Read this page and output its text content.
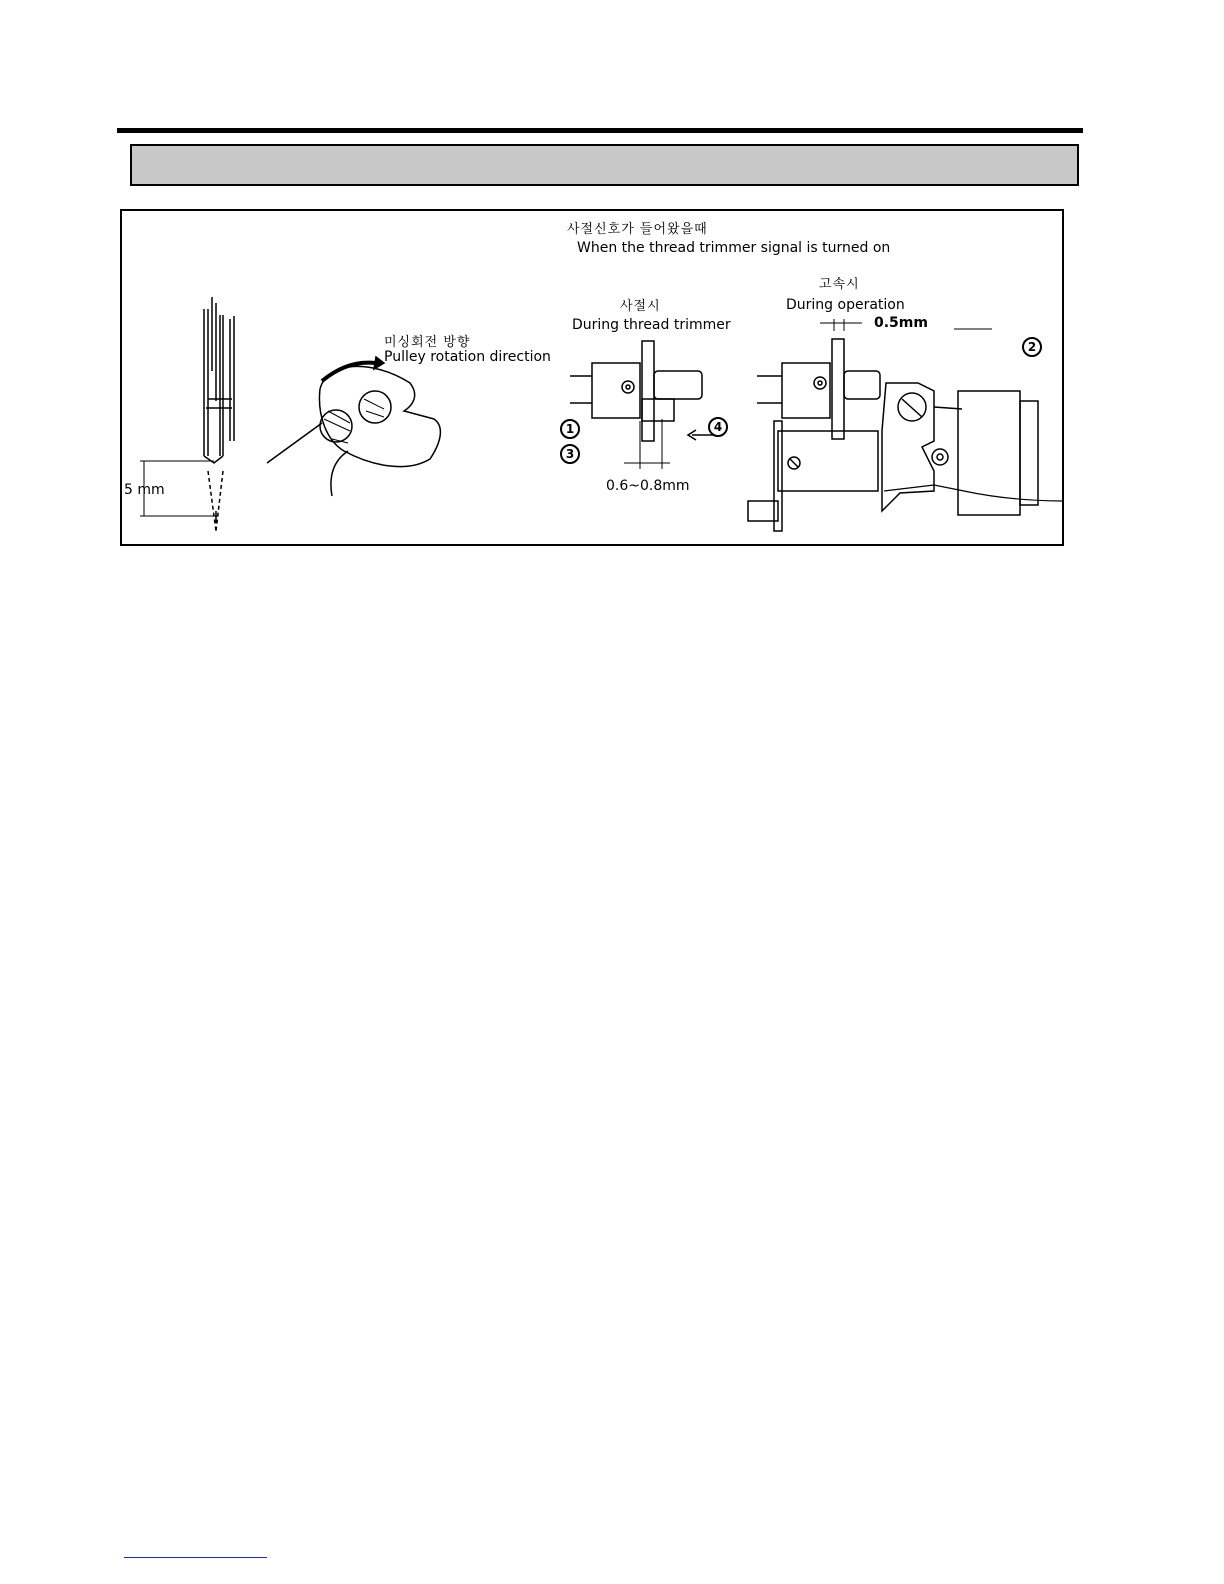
5 mm
미싱회전 방향
Pulley rotation direction
사절신호가 들어왔을때
When the thread trimmer signal is turned on
사절시
During thread trimmer
0.6~0.8mm
고속시
During operation
0.5mm
1
2
3
4
